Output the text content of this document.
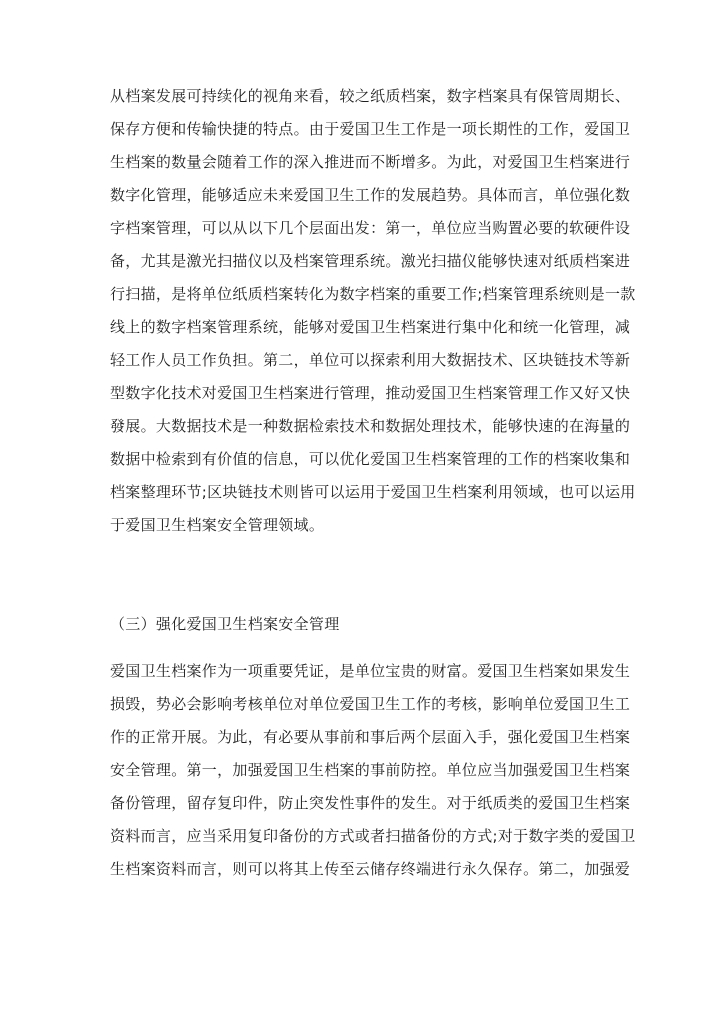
从档案发展可持续化的视角来看，较之纸质档案，数字档案具有保管周期长、
保存方便和传输快捷的特点。由于爱国卫生工作是一项长期性的工作，爱国卫
生档案的数量会随着工作的深入推进而不断增多。为此，对爱国卫生档案进行
数字化管理，能够适应未来爱国卫生工作的发展趋势。具体而言，单位强化数
字档案管理，可以从以下几个层面出发：第一，单位应当购置必要的软硬件设
备，尤其是激光扫描仪以及档案管理系统。激光扫描仪能够快速对纸质档案进
行扫描，是将单位纸质档案转化为数字档案的重要工作;档案管理系统则是一款
线上的数字档案管理系统，能够对爱国卫生档案进行集中化和统一化管理，减
轻工作人员工作负担。第二，单位可以探索利用大数据技术、区块链技术等新
型数字化技术对爱国卫生档案进行管理，推动爱国卫生档案管理工作又好又快
發展。大数据技术是一种数据检索技术和数据处理技术，能够快速的在海量的
数据中检索到有价值的信息，可以优化爱国卫生档案管理的工作的档案收集和
档案整理环节;区块链技术则皆可以运用于爱国卫生档案利用领域，也可以运用
于爱国卫生档案安全管理领域。
（三）强化爱国卫生档案安全管理
爱国卫生档案作为一项重要凭证，是单位宝贵的财富。爱国卫生档案如果发生
损毁，势必会影响考核单位对单位爱国卫生工作的考核，影响单位爱国卫生工
作的正常开展。为此，有必要从事前和事后两个层面入手，强化爱国卫生档案
安全管理。第一，加强爱国卫生档案的事前防控。单位应当加强爱国卫生档案
备份管理，留存复印件，防止突发性事件的发生。对于纸质类的爱国卫生档案
资料而言，应当采用复印备份的方式或者扫描备份的方式;对于数字类的爱国卫
生档案资料而言，则可以将其上传至云储存终端进行永久保存。第二，加强爱
